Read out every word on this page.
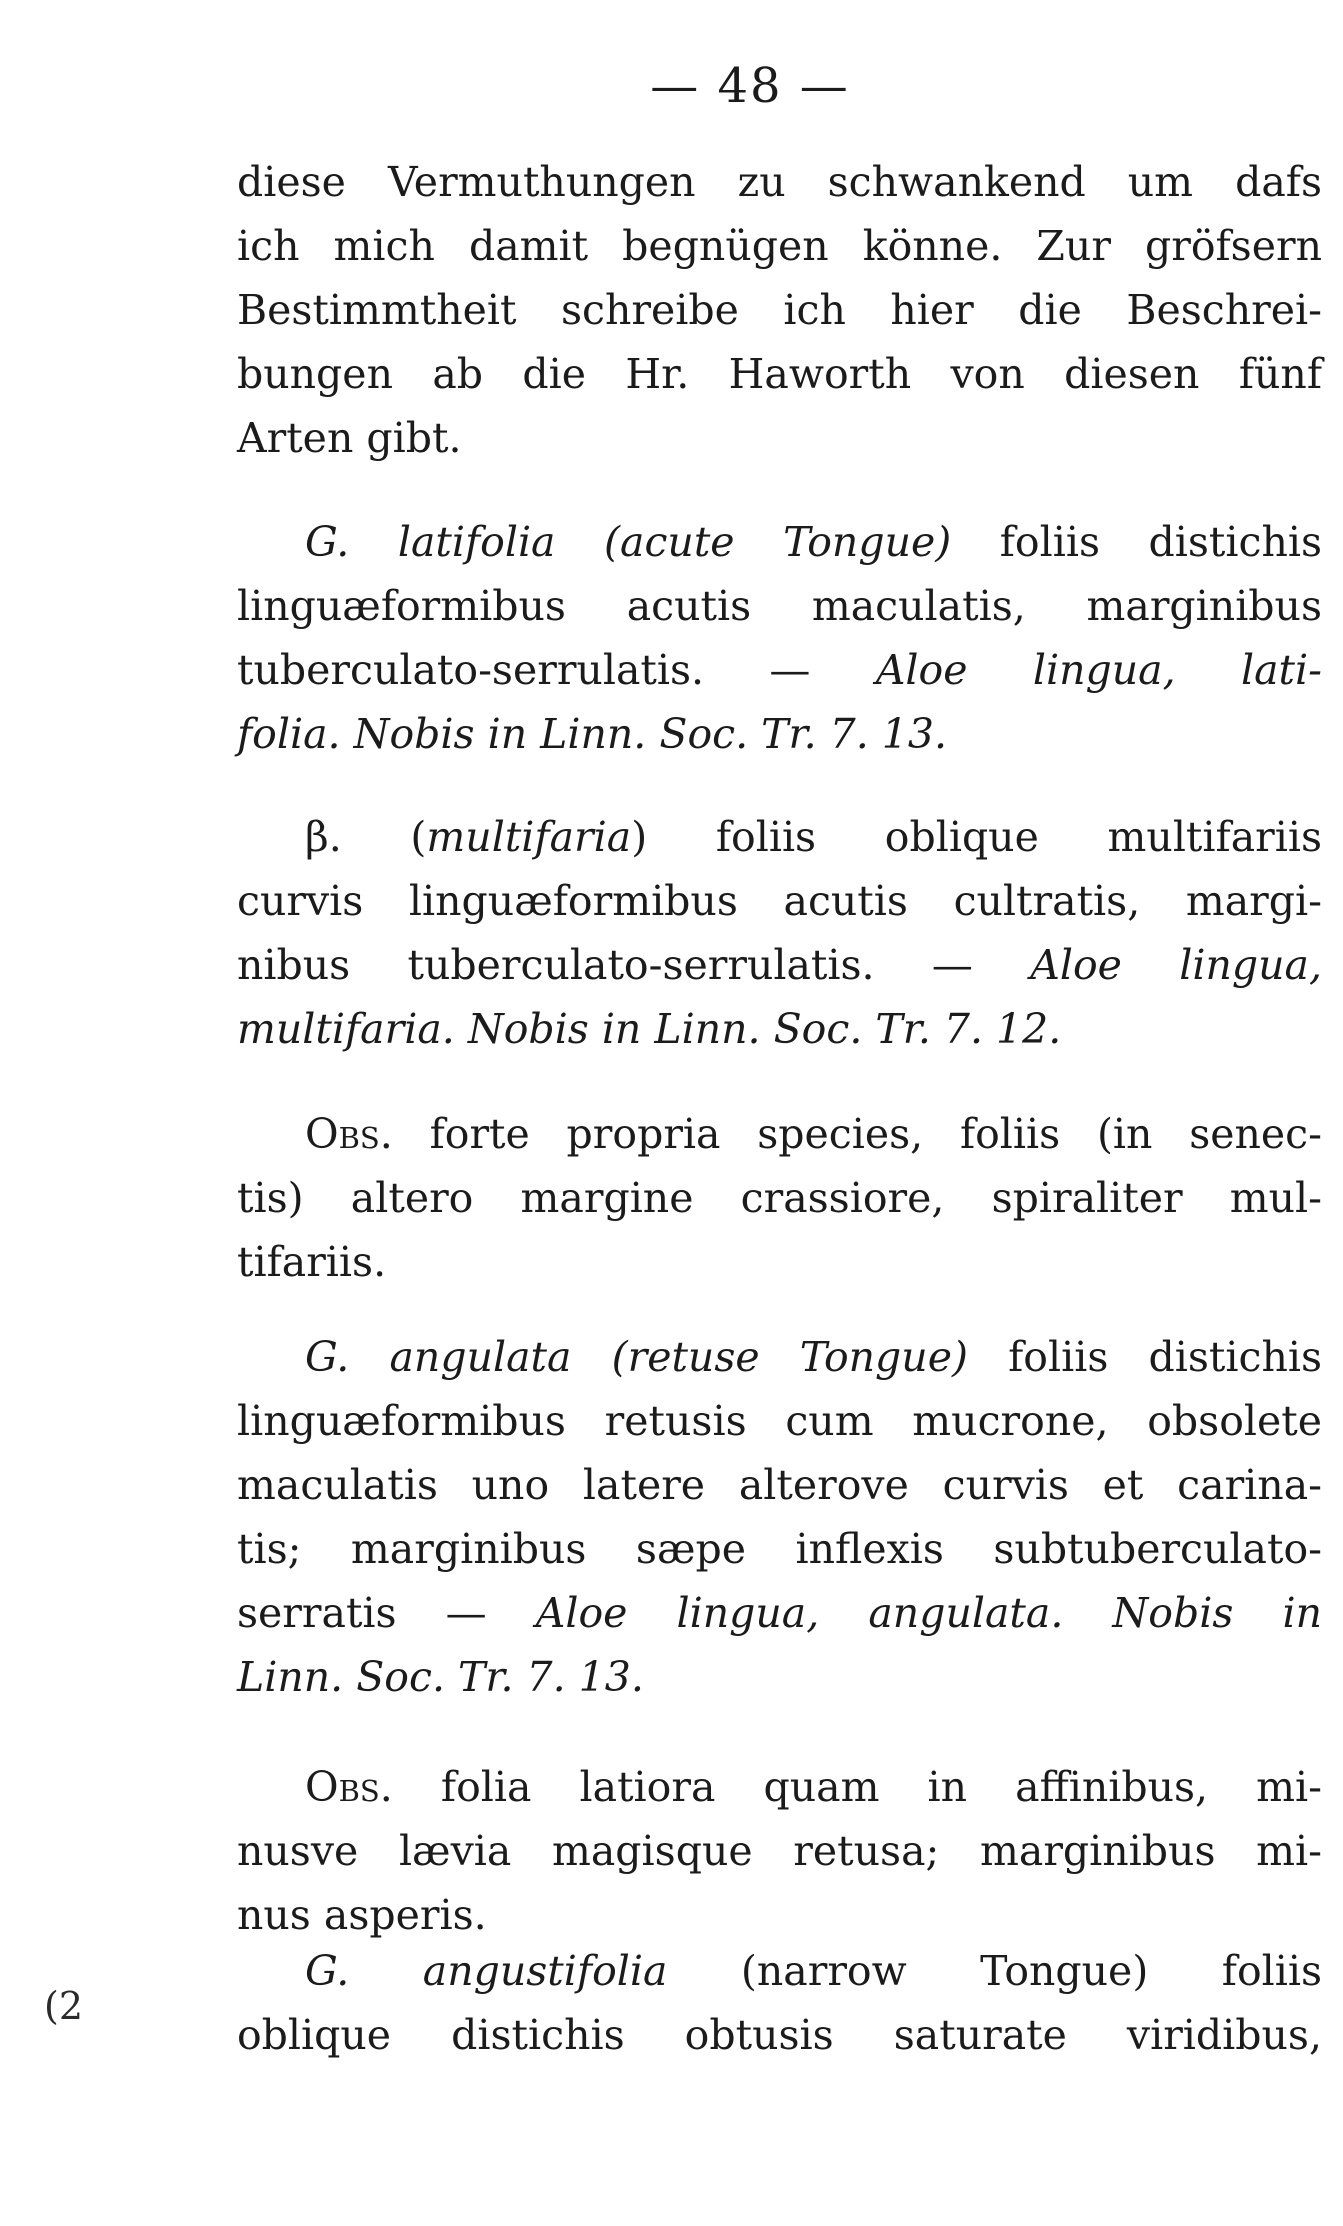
— 48 —
(2

diese Vermuthungen zu schwankend um dafs
ich mich damit begnügen könne. Zur gröfsern
Bestimmtheit schreibe ich hier die Beschrei-
bungen ab die Hr. Haworth von diesen fünf
Arten gibt.

G. latifolia (acute Tongue) foliis distichis
linguæformibus acutis maculatis, marginibus
tuberculato-serrulatis. — Aloe lingua, lati-
folia. Nobis in Linn. Soc. Tr. 7. 13.

β. (multifaria) foliis oblique multifariis
curvis linguæformibus acutis cultratis, margi-
nibus tuberculato-serrulatis. — Aloe lingua,
multifaria. Nobis in Linn. Soc. Tr. 7. 12.

Obs. forte propria species, foliis (in senec-
tis) altero margine crassiore, spiraliter mul-
tifariis.

G. angulata (retuse Tongue) foliis distichis
linguæformibus retusis cum mucrone, obsolete
maculatis uno latere alterove curvis et carina-
tis; marginibus sæpe inflexis subtuberculato-
serratis — Aloe lingua, angulata. Nobis in
Linn. Soc. Tr. 7. 13.

Obs. folia latiora quam in affinibus, mi-
nusve lævia magisque retusa; marginibus mi-
nus asperis.

G. angustifolia (narrow Tongue) foliis
oblique distichis obtusis saturate viridibus,
